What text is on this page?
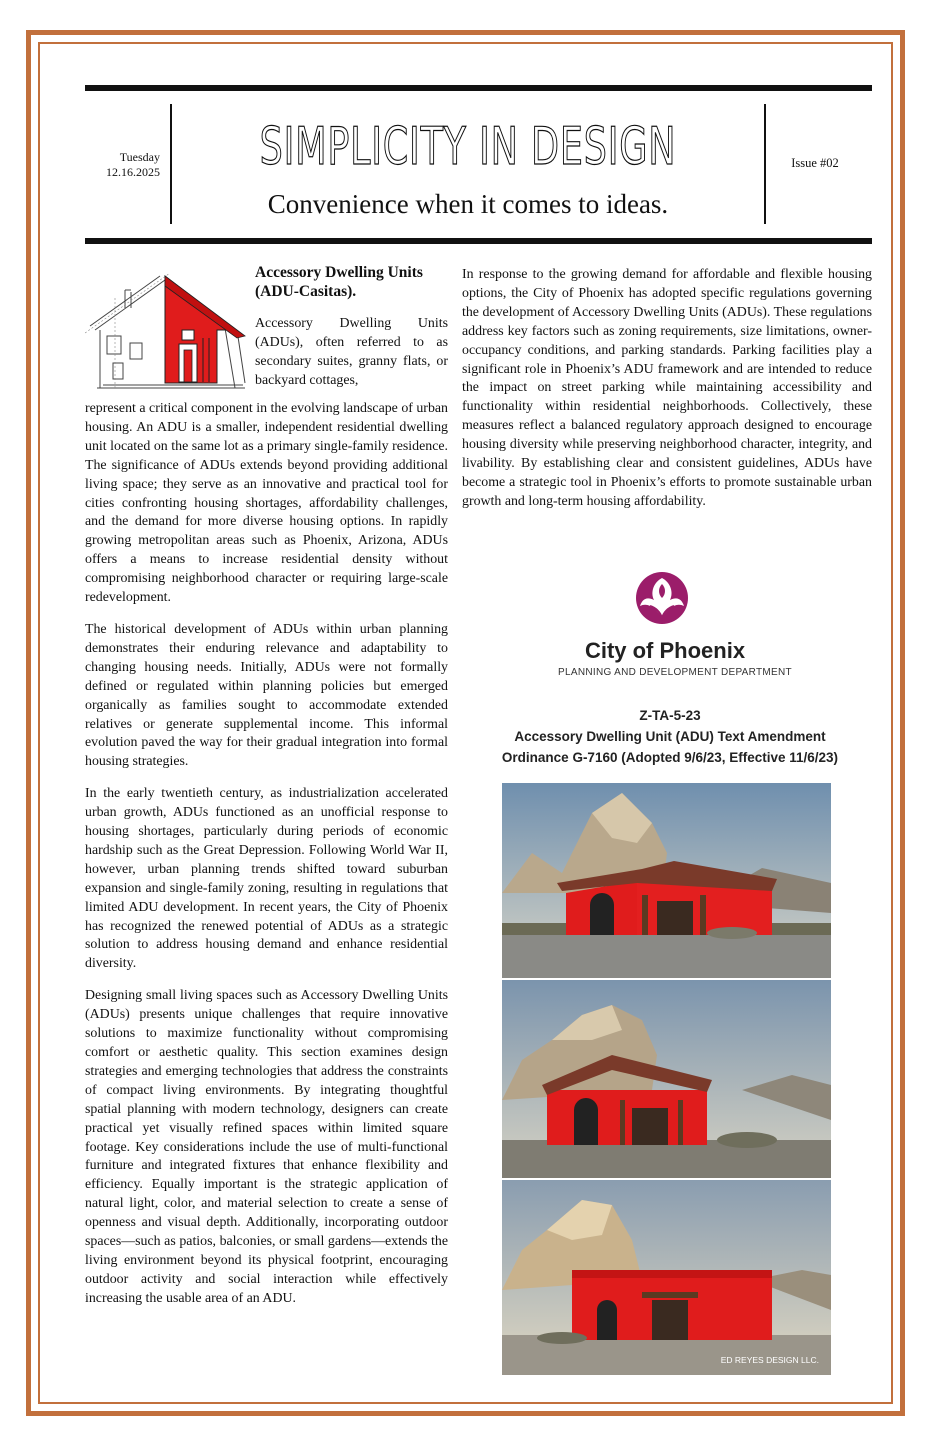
Tuesday
12.16.2025	SIMPLICITY IN DESIGN
Convenience when it comes to ideas.
Issue #02
Accessory Dwelling Units (ADU-Casitas).
Accessory Dwelling Units (ADUs), often referred to as secondary suites, granny flats, or backyard cottages,

represent a critical component in the evolving landscape of urban housing. An ADU is a smaller, independent residential dwelling unit located on the same lot as a primary single-family residence. The significance of ADUs extends beyond providing additional living space; they serve as an innovative and practical tool for cities confronting housing shortages, affordability challenges, and the demand for more diverse housing options. In rapidly growing metropolitan areas such as Phoenix, Arizona, ADUs offers a means to increase residential density without compromising neighborhood character or requiring large-scale redevelopment.

The historical development of ADUs within urban planning demonstrates their enduring relevance and adaptability to changing housing needs. Initially, ADUs were not formally defined or regulated within planning policies but emerged organically as families sought to accommodate extended relatives or generate supplemental income. This informal evolution paved the way for their gradual integration into formal housing strategies.

In the early twentieth century, as industrialization accelerated urban growth, ADUs functioned as an unofficial response to housing shortages, particularly during periods of economic hardship such as the Great Depression. Following World War II, however, urban planning trends shifted toward suburban expansion and single-family zoning, resulting in regulations that limited ADU development. In recent years, the City of Phoenix has recognized the renewed potential of ADUs as a strategic solution to address housing demand and enhance residential diversity.

Designing small living spaces such as Accessory Dwelling Units (ADUs) presents unique challenges that require innovative solutions to maximize functionality without compromising comfort or aesthetic quality. This section examines design strategies and emerging technologies that address the constraints of compact living environments. By integrating thoughtful spatial planning with modern technology, designers can create practical yet visually refined spaces within limited square footage. Key considerations include the use of multi-functional furniture and integrated fixtures that enhance flexibility and efficiency. Equally important is the strategic application of natural light, color, and material selection to create a sense of openness and visual depth. Additionally, incorporating outdoor spaces—such as patios, balconies, or small gardens—extends the living environment beyond its physical footprint, encouraging outdoor activity and social interaction while effectively increasing the usable area of an ADU.

In response to the growing demand for affordable and flexible housing options, the City of Phoenix has adopted specific regulations governing the development of Accessory Dwelling Units (ADUs). These regulations address key factors such as zoning requirements, size limitations, owner-occupancy conditions, and parking standards. Parking facilities play a significant role in Phoenix’s ADU framework and are intended to reduce the impact on street parking while maintaining accessibility and functionality within residential neighborhoods. Collectively, these measures reflect a balanced regulatory approach designed to encourage housing diversity while preserving neighborhood character, integrity, and livability. By establishing clear and consistent guidelines, ADUs have become a strategic tool in Phoenix’s efforts to promote sustainable urban growth and long-term housing affordability.

City of Phoenix
PLANNING AND DEVELOPMENT DEPARTMENT
Z-TA-5-23
Accessory Dwelling Unit (ADU) Text Amendment
Ordinance G-7160 (Adopted 9/6/23, Effective 11/6/23)
ED REYES DESIGN LLC.
